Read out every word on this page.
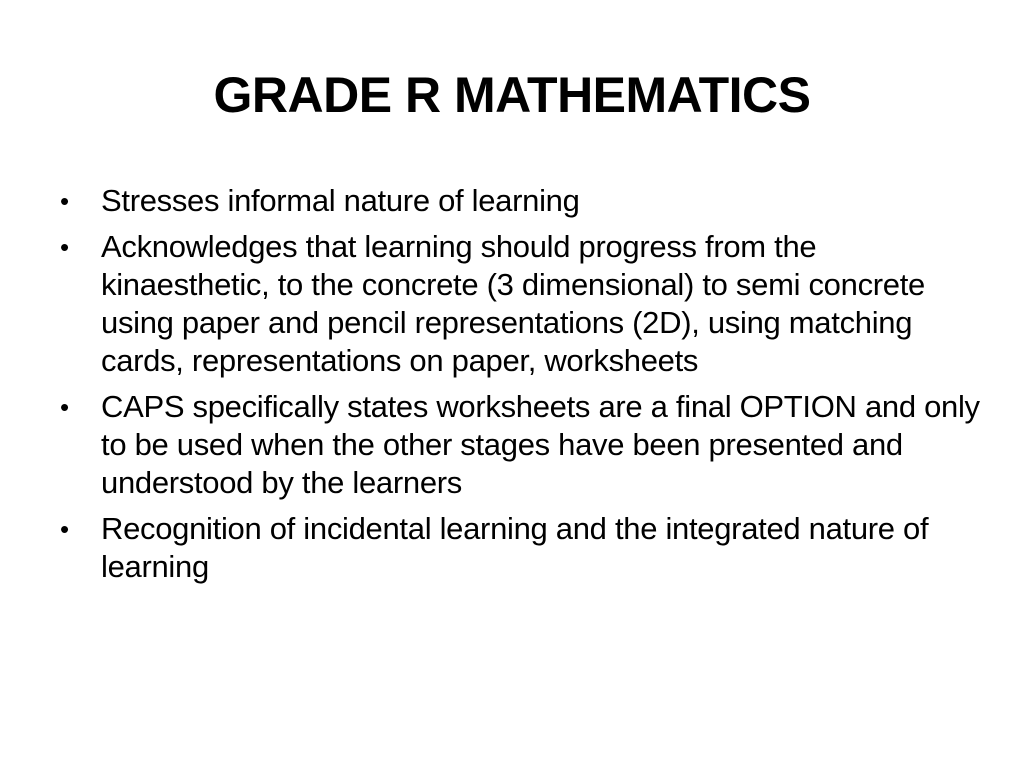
GRADE R MATHEMATICS
• Stresses informal nature of learning
• Acknowledges that learning should progress from the kinaesthetic, to the concrete (3 dimensional) to semi concrete using paper and pencil representations (2D), using matching cards, representations on paper, worksheets
• CAPS specifically states worksheets are a final OPTION and only to be used when the other stages have been presented and understood by the learners
• Recognition of incidental learning and the integrated nature of learning
